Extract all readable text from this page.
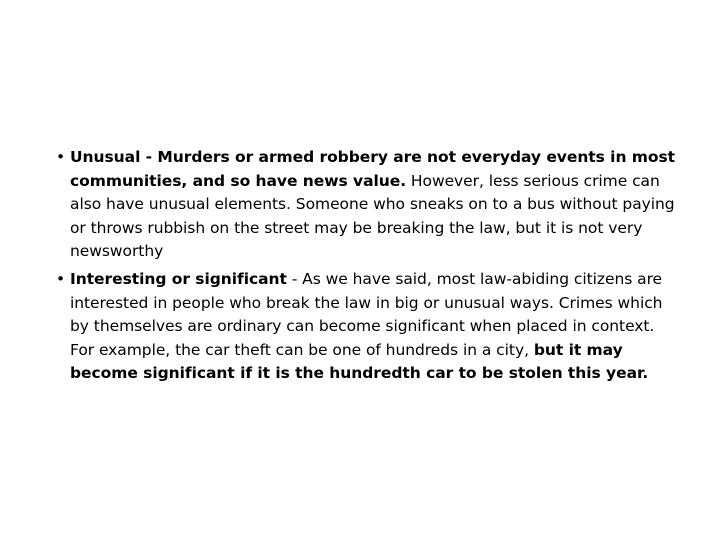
• Unusual - Murders or armed robbery are not everyday events in most communities, and so have news value. However, less serious crime can also have unusual elements. Someone who sneaks on to a bus without paying or throws rubbish on the street may be breaking the law, but it is not very newsworthy
• Interesting or significant - As we have said, most law-abiding citizens are interested in people who break the law in big or unusual ways. Crimes which by themselves are ordinary can become significant when placed in context. For example, the car theft can be one of hundreds in a city, but it may become significant if it is the hundredth car to be stolen this year.
